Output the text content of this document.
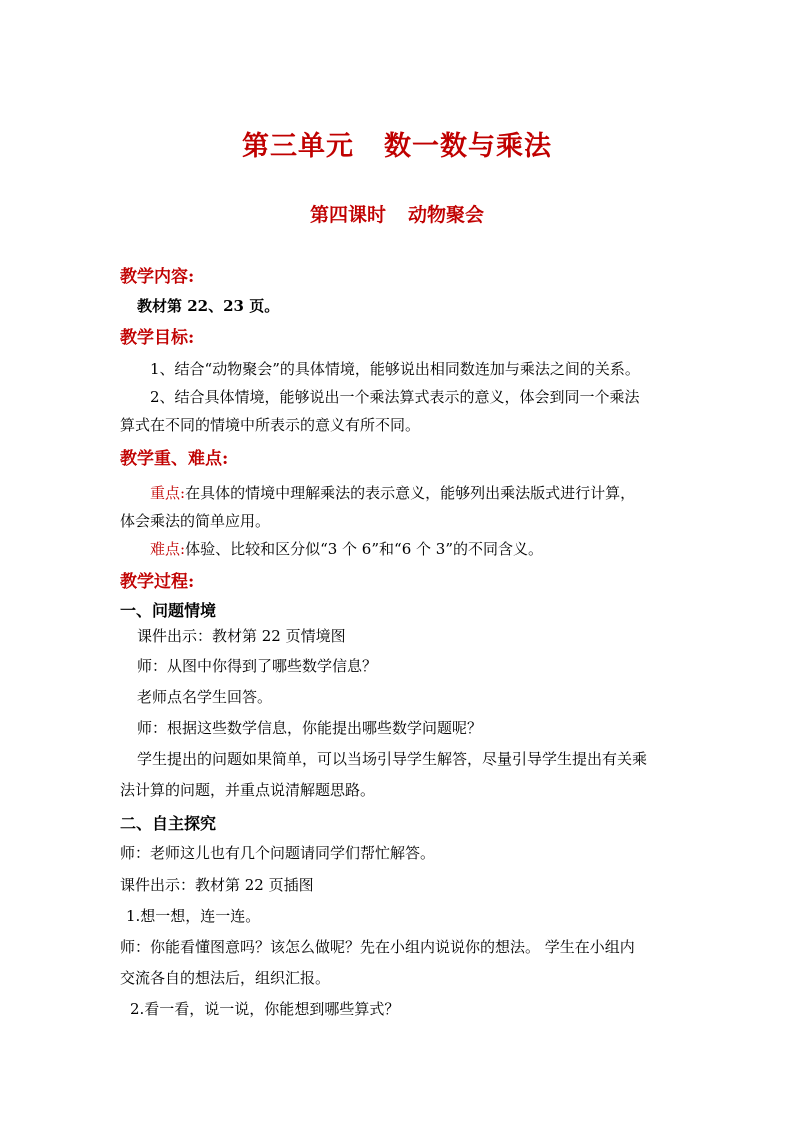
第三单元 数一数与乘法
第四课时 动物聚会
教学内容:
教材第 22、23 页。
教学目标:
1、结合“动物聚会”的具体情境，能够说出相同数连加与乘法之间的关系。
2、结合具体情境，能够说出一个乘法算式表示的意义，体会到同一个乘法
算式在不同的情境中所表示的意义有所不同。
教学重、难点:
重点:在具体的情境中理解乘法的表示意义，能够列出乘法版式进行计算，
体会乘法的简单应用。
难点:体验、比较和区分似“3 个 6”和“6 个 3”的不同含义。
教学过程:
一、问题情境
课件出示：教材第 22 页情境图
师：从图中你得到了哪些数学信息？
老师点名学生回答。
师：根据这些数学信息，你能提出哪些数学问题呢？
学生提出的问题如果简单，可以当场引导学生解答，尽量引导学生提出有关乘
法计算的问题，并重点说清解题思路。
二、自主探究
师：老师这儿也有几个问题请同学们帮忙解答。
课件出示：教材第 22 页插图
1.想一想，连一连。
师：你能看懂图意吗？该怎么做呢？先在小组内说说你的想法。 学生在小组内
交流各自的想法后，组织汇报。
2.看一看，说一说，你能想到哪些算式？
